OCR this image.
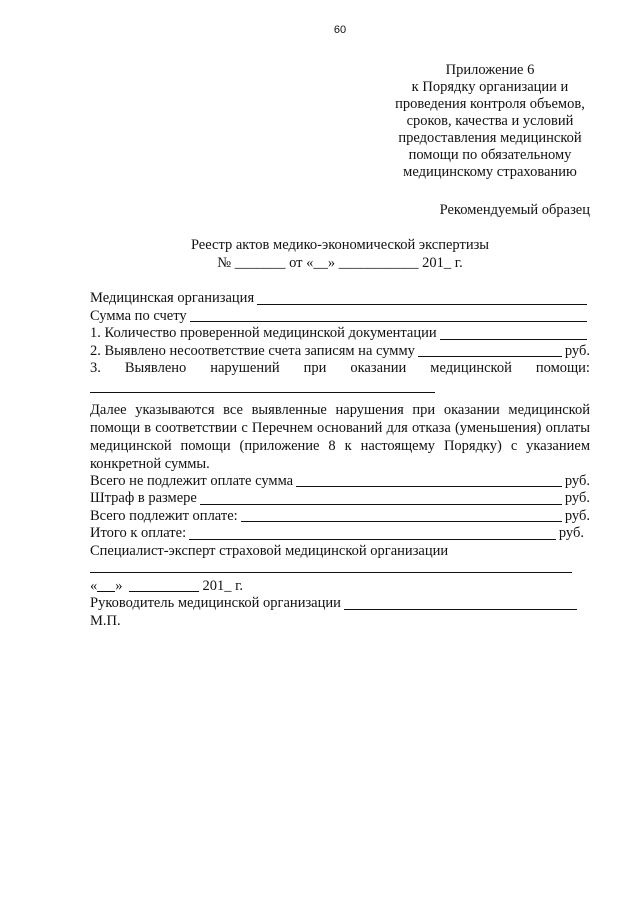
60
Приложение 6
к Порядку организации и
проведения контроля объемов,
сроков, качества и условий
предоставления медицинской
помощи по обязательному
медицинскому страхованию
Рекомендуемый образец
Реестр актов медико-экономической экспертизы
№ _______ от «__» ___________ 201_ г.
Медицинская организация
Сумма по счету
1. Количество проверенной медицинской документации
2. Выявлено несоответствие счета записям на сумму	руб.
3. Выявлено нарушений при оказании медицинской помощи:
Далее указываются все выявленные нарушения при оказании медицинской помощи в соответствии с Перечнем оснований для отказа (уменьшения) оплаты медицинской помощи (приложение 8 к настоящему Порядку) с указанием конкретной суммы.
Всего не подлежит оплате сумма	руб.
Штраф в размере	руб.
Всего подлежит оплате:	руб.
Итого к оплате:	руб.
Специалист-эксперт страховой медицинской организации
« »	201_ г.
Руководитель медицинской организации
М.П.
